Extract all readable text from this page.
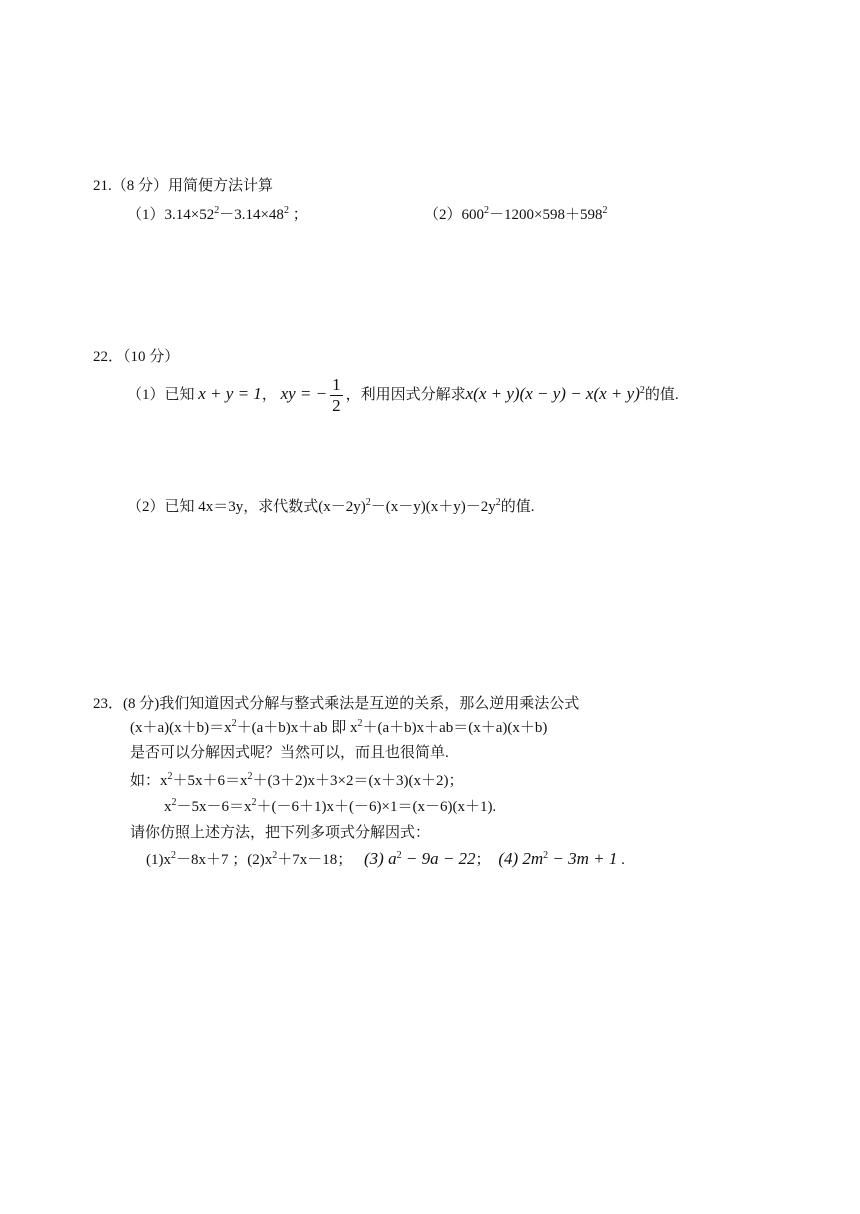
21.（8 分）用简便方法计算
$(1)3.14\times 52^2-3.14\times 48^2$ ；	$(2)600^2-1200\times 598+598^2$
22．（10 分）
（1）已知 x + y = 1， xy = − $\frac{1}{2}$ ，利用因式分解求$x(x + y)(x - y) - x(x + y)^2$的值.
（2）已知 4x＝3y，求代数式$(x-2y)^2-(x-y)(x+y)-2y^2$的值.
23．(8 分)我们知道因式分解与整式乘法是互逆的关系，那么逆用乘法公式
$(x+a)(x+b)=x^2+(a+b)x+ab$ 即 $x^2+(a+b)x+ab=(x+a)(x+b)$
是否可以分解因式呢？当然可以，而且也很简单.
如：$x^2+5x+6=x^2+(3+2)x+3\times 2=(x+3)(x+2)$；
$x^2-5x-6=x^2+(-6+1)x+(-6)\times 1=(x-6)(x+1)$.
请你仿照上述方法，把下列多项式分解因式：
$(1)x^2-8x+7$ ；$(2)x^2+7x-18$； (3) $a^2 - 9a - 22$； (4) $2m^2 - 3m + 1$ .
